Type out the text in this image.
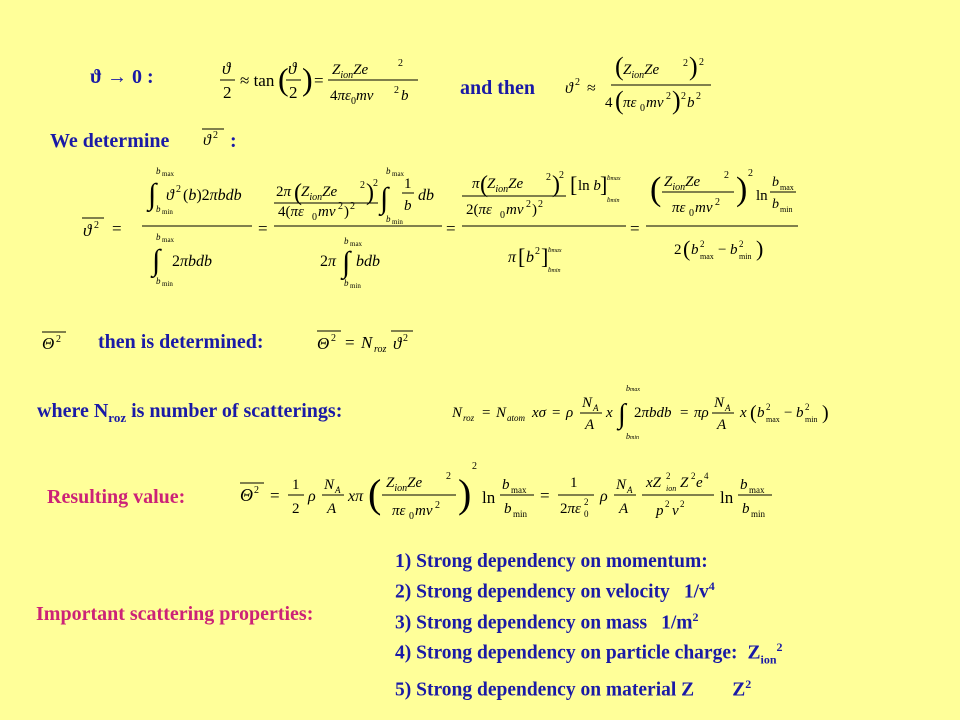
ϑ → 0 :	ϑ
2
≈ tan ( ϑ
2 ) =
$Z_{ion}Ze$	2
$4\pi\varepsilon_0mv$ 2 b	and then ϑ 2 ≈
( $Z_{ion}Ze$ 2 ) 2
4 ( πε 0 mv 2 ) 2 b 2
We determine ϑ 2 :
ϑ 2 =
b max
∫ b min
ϑ 2 (b)2πbdb
b max
∫ 2πbdb
b min
=
2π ( $Z_{ion}Ze$ 2 ) 2
4(πε 0 mv 2 ) 2
b max
∫
b min
1
b
db
b max
2π ∫ bdb
b min
=
π ( $Z_{ion}Ze$ 2 ) 2 [ ln b ] bmax
bmin
2(πε 0 mv 2 ) 2
π [ b 2 ] bmax
bmin
=
( $Z_{ion}Ze$ 2
πε 0 mv 2 ) 2
ln
b max
b min
2 ( b 2
max − b 2
min )
Θ 2 then is determined:	Θ 2 = N roz ϑ 2
where $N_{roz}$ is number of scatterings:	N roz = N atom xσ = ρ
N A
A
x
bmax
∫
bmin
2πbdb = πρ
N A
A
x ( b 2
max − b 2
min )
Resulting value:	Θ 2 =
1
2
ρ
N A
A
xπ ( $Z_{ion}Ze$ 2
πε 0 mv 2 )
2
ln
b max
b min
=
1
2πε 2
0
ρ
N A
A
xZ 2
ion Z 2 e 4
p 2 v 2 ln
b max
b min
Important scattering properties:
1) Strong dependency on momentum:
2) Strong dependency on velocity $1/v^4$
3) Strong dependency on mass $1/m^2$
4) Strong dependency on particle charge: $Z_{ion}^2$
5) Strong dependency on material Z $Z^2$
